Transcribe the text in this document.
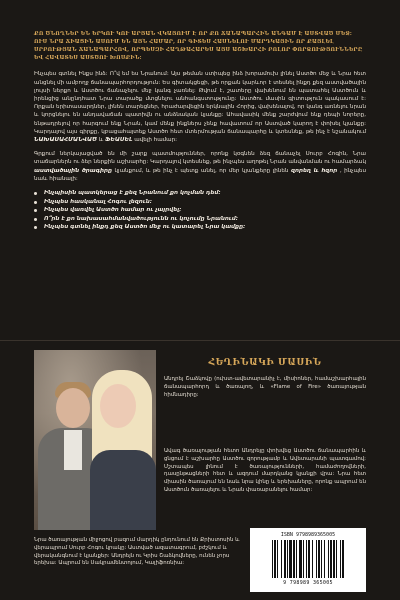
ՔՈ ԾՆՈՂՆԵՐ ԵՆ ԵՐԿՈՒ ԿՈՒ ԱՐՅԱՆ ՎԿԱՅՈՒՄ Է ՈՐ ՔՈ ՃԱՆԱՊԱՐՀԻՆ ԱՆԳԱՄ Է ԱՍՏՎԱԾ ՄԵՋ: ՈՒՍ ՆՐԱ ՃԻԱՑԻՆ ԱՍՈՒՄ ԵՆ ԱՅՆ ՀԱՄԱՐ, ՈՐ ԳԻՏԵՍ ՀԱՍՆԵԼՈՒ ՄԱՐԴԿԱՅԻՆ ՈՐ ՔԱՅԼԵԼ ՍՐԲՈՒԹՅԱՆ ՃԱՆԱՊԱՐՀՈՎ, ՈՐՊԵՍԶԻ ՀԱՂԹԱՀԱՐԵՍ ԱՅՍ ԱՇԽԱՐՀԻ ԲՈԼՈՐ ՓՈՐՁՈՒԹՅՈՒՆՆԵՐԸ ԵՎ ՀԱՎԱՏԵՍ ԱՍՏԾՈՒ ԽՈՍՔԻՆ:

Ինչպես գտնել Ինքս ինձ: Ո՞վ եմ ես Նրանում: Այս թեման ստիպեց ինձ խորամուխ լինել Աստծո մեջ և Նրա հետ անցնել մի ամբողջ ճանապարհորդություն: Ես գիտակցեցի, թե որքան կարևոր է տեսնել ինքդ քեզ աստվածային լույսի ներքո և Աստծու ճանաչելու մեջ կանգ չառնել: Թվում է, շատերը վախենում են պատահել Աստծուն և իրենցից անընդհատ Նրա տարածք մտցնելու անհանգստությունը: Աստծու մասին գիտություն պակասում է: Որքան երիտասարդներ, լինեն տարեցներ, հրաժարվեցին երկնային Հորից, վախենալով, որ կանգ առնելու նրան և կորցնելու են անդավաճան պատիվն ու անձնական կյանքը: Ահավասիկ մենք շարժվում ենք դեպի նորերը, ենթադրելով որ հարգում ենք Նրան, կամ մենք ինքներս չենք հավատում որ Աստված կարող է փոխել կյանքը: Կարդալով այս գիրքը, կբացահայտեք Աստծո հետ մտերմության ճանապարհը և կտեսնեք, թե ինչ է նշանակում ՆԱԽԱՍԱՀՄԱՆՎԱԾ և ՖԵԱՍԵԼ ավելի համար:

Գրքում ներկայացված են մի շարք պատմություններ, որոնք կօգնեն ձեզ ճանաչել Սուրբ Հոգին, Նրա տաճարներն ու ձեր ներքին աշխարհը: Կարդալով կտեսնեք, թե ինչպես աղոթել Նրան անվանման ու համարձակ աստվածային ծրագիրը կյանքում, և թե ինչ է պետք անել, որ մեր կյանքերը լինեն զորեղ և հզոր , ինչպես նաև հիանալի:

Ինչպիսին պատկերաց է քեզ Նրանում քո կոչման դեմ:
Ինչպես հասկանալ Հոգու լեզուն:
Ինչպես վառվել Աստծո համար ու չայրվել:
Ո՞րն է քո նախասահմանվածությունն ու կոչումը Նրանում:
Ինչպես գտնել ինքդ քեզ Աստծո մեջ ու կատարել Նրա կամքը:
ՀԵՂԻՆԱԿԻ ՄԱՍԻՆ

Անդրեյ Շաձկովը (ուխտ-ավետարանիչ է, միսիոներ, համաշխարհային ճանապարհորդ և ծառայող, և «Flame of Fire» ծառայության հիմնադիրը:

Ավագ ծառայության հետո Անդրեյը փոխվեց Աստծու ճանապարհին և ցնցում է աշխարհը Աստծու զորությամբ և Ավետարանի պատգամով: Մշտապես լինում է ծառայությունների, համաժողովների, դասընթացների հետ և ազդում մարդկանց կյանքի վրա: Նրա հետ միասին ծառայում են նաև նրա կինը և երեխաները, որոնք ապրում են Աստծուն ծառայելու և Նրան փառաբանելու համար:

Նրա ծառայության միջոցով բազում մարդիկ ընդունում են Քրիստոսին և վերապրում Սուրբ Հոգու կրակը: Աստված ազատագրում, բժշկում և վերականգնում է կյանքեր: Անդրեյն ու Կրիս Շաձկովները, ունեն չորս երեխա: Ապրում են Սակրամենտոյում, Կալիֆոռնիա:

ISBN 9798989365005
9 798989 365005
